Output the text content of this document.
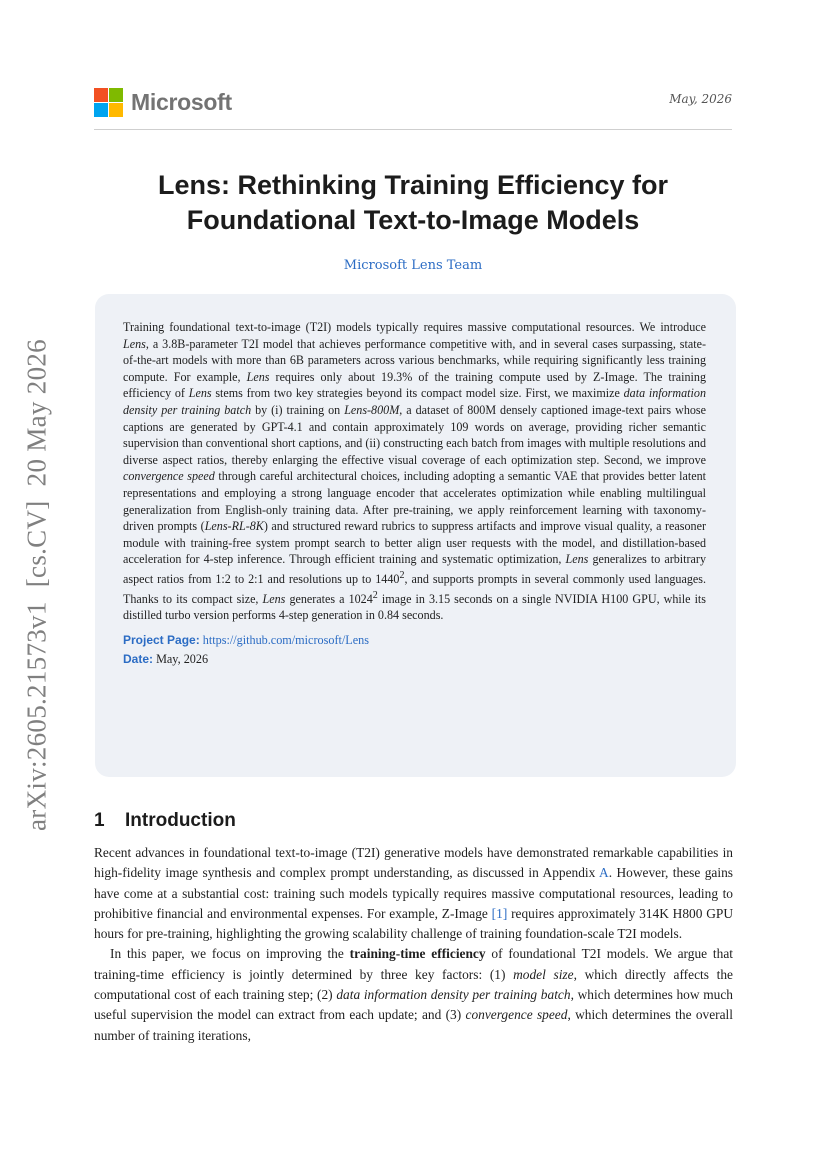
Microsoft	May, 2026
arXiv:2605.21573v1  [cs.CV]  20 May 2026
Lens: Rethinking Training Efficiency for
Foundational Text-to-Image Models
Microsoft Lens Team
Training foundational text-to-image (T2I) models typically requires massive computational resources. We introduce Lens, a 3.8B-parameter T2I model that achieves performance competitive with, and in several cases surpassing, state-of-the-art models with more than 6B parameters across various benchmarks, while requiring significantly less training compute. For example, Lens requires only about 19.3% of the training compute used by Z-Image. The training efficiency of Lens stems from two key strategies beyond its compact model size. First, we maximize data information density per training batch by (i) training on Lens-800M, a dataset of 800M densely captioned image-text pairs whose captions are generated by GPT-4.1 and contain approximately 109 words on average, providing richer semantic supervision than conventional short captions, and (ii) constructing each batch from images with multiple resolutions and diverse aspect ratios, thereby enlarging the effective visual coverage of each optimization step. Second, we improve convergence speed through careful architectural choices, including adopting a semantic VAE that provides better latent representations and employing a strong language encoder that accelerates optimization while enabling multilingual generalization from English-only training data. After pre-training, we apply reinforcement learning with taxonomy-driven prompts (Lens-RL-8K) and structured reward rubrics to suppress artifacts and improve visual quality, a reasoner module with training-free system prompt search to better align user requests with the model, and distillation-based acceleration for 4-step inference. Through efficient training and systematic optimization, Lens generalizes to arbitrary aspect ratios from 1:2 to 2:1 and resolutions up to 1440$^2$, and supports prompts in several commonly used languages. Thanks to its compact size, Lens generates a 1024$^2$ image in 3.15 seconds on a single NVIDIA H100 GPU, while its distilled turbo version performs 4-step generation in 0.84 seconds.
Project Page: https://github.com/microsoft/Lens
Date: May, 2026
1 Introduction

Recent advances in foundational text-to-image (T2I) generative models have demonstrated remarkable capabilities in high-fidelity image synthesis and complex prompt understanding, as discussed in Appendix A. However, these gains have come at a substantial cost: training such models typically requires massive computational resources, leading to prohibitive financial and environmental expenses. For example, Z-Image [1] requires approximately 314K H800 GPU hours for pre-training, highlighting the growing scalability challenge of training foundation-scale T2I models.

In this paper, we focus on improving the training-time efficiency of foundational T2I models. We argue that training-time efficiency is jointly determined by three key factors: (1) model size, which directly affects the computational cost of each training step; (2) data information density per training batch, which determines how much useful supervision the model can extract from each update; and (3) convergence speed, which determines the overall number of training iterations,
